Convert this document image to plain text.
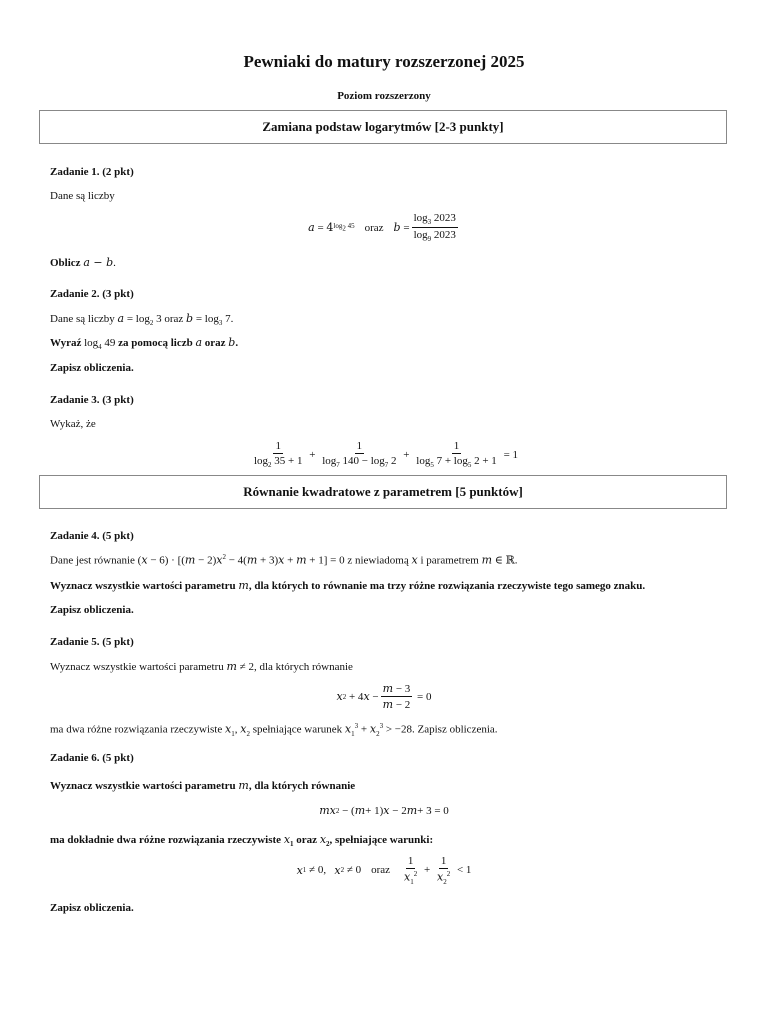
Pewniaki do matury rozszerzonej 2025
Poziom rozszerzony
Zamiana podstaw logarytmów [2-3 punkty]
Zadanie 1. (2 pkt)
Dane są liczby
a = 4 $\log_2 45$ oraz $b = \frac{\log_3 2023}{\log_9 2023}$
Oblicz a − b.
Zadanie 2. (3 pkt)
Dane są liczby $a = \log_2 3$ oraz $b = \log_3 7$.
Wyraź $\log_4 49$ za pomocą liczb a oraz b.
Zapisz obliczenia.
Zadanie 3. (3 pkt)
Wykaż, że
$\frac{1}{\log_2 35 + 1} + \frac{1}{\log_7 140 - \log_7 2} + \frac{1}{\log_5 7 + \log_5 2 + 1} = 1$
Równanie kwadratowe z parametrem [5 punktów]
Zadanie 4. (5 pkt)
Dane jest równanie $(x - 6) \cdot [(m - 2)x^2 - 4(m + 3)x + m + 1] = 0$ z niewiadomą x i parametrem m ∈ ℝ.
Wyznacz wszystkie wartości parametru m, dla których to równanie ma trzy różne rozwiązania rzeczywiste tego samego znaku.
Zapisz obliczenia.
Zadanie 5. (5 pkt)
Wyznacz wszystkie wartości parametru m ≠ 2, dla których równanie
x 2 + 4 $x - \frac{m - 3}{m - 2} = 0$
ma dwa różne rozwiązania rzeczywiste $x_1$, $x_2$ spełniające warunek $x_1^3 + x_2^3 > -28$. Zapisz obliczenia.
Zadanie 6. (5 pkt)
Wyznacz wszystkie wartości parametru m, dla których równanie
mx 2 − ( m + 1) x − 2 m + 3 = 0
ma dokładnie dwa różne rozwiązania rzeczywiste $x_1$ oraz $x_2$, spełniające warunki:
x 1 ≠ 0, x 2 ≠ 0 oraz $\frac{1}{x_1^2} + \frac{1}{x_2^2} < 1$
Zapisz obliczenia.
